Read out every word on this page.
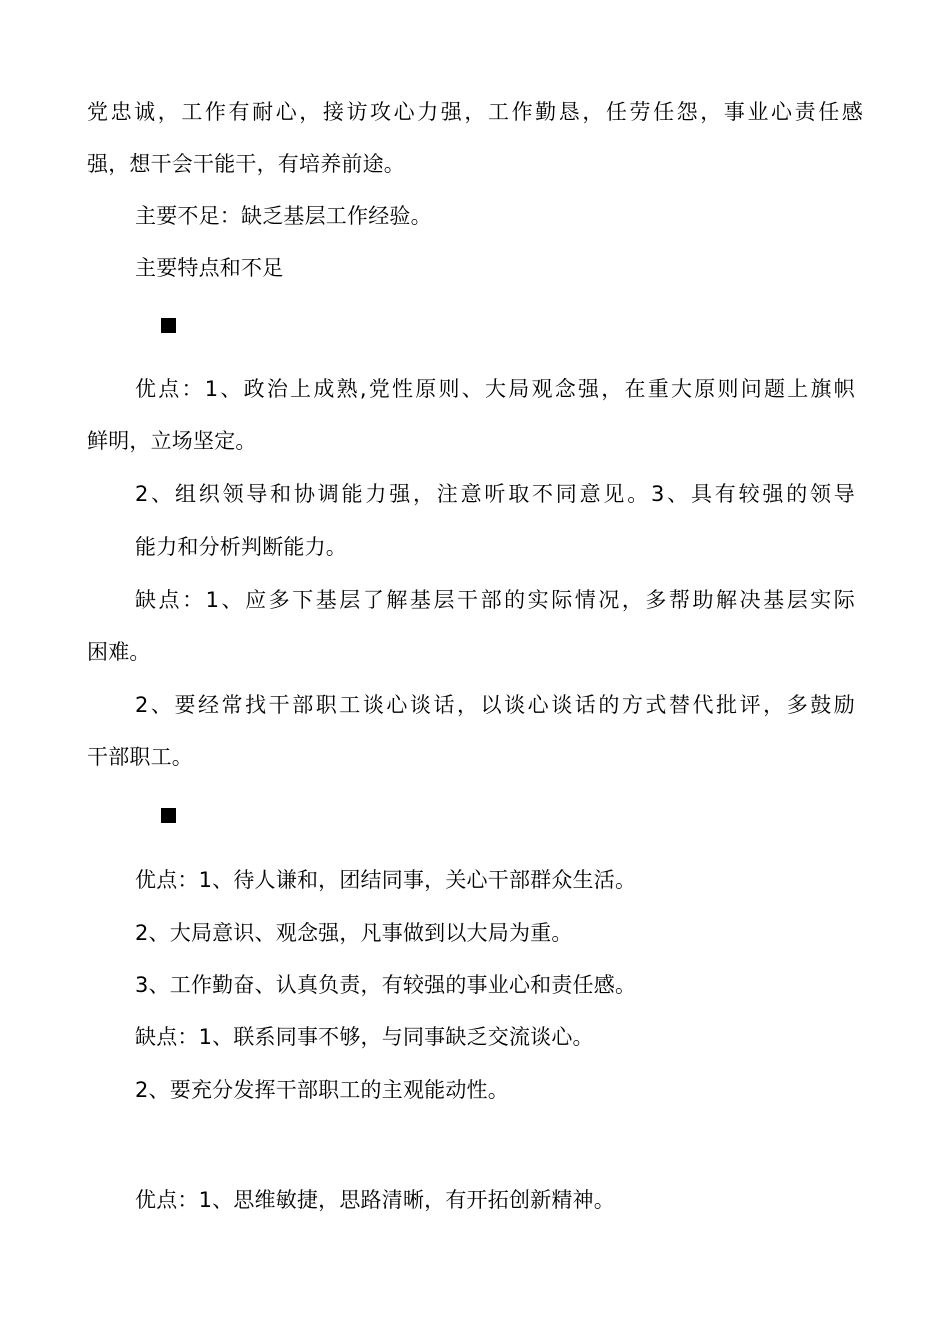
党忠诚，工作有耐心，接访攻心力强，工作勤恳，任劳任怨，事业心责任感
强，想干会干能干，有培养前途。
主要不足：缺乏基层工作经验。
主要特点和不足
优点：1、政治上成熟,党性原则、大局观念强，在重大原则问题上旗帜
鲜明，立场坚定。
2、组织领导和协调能力强，注意听取不同意见。3、具有较强的领导
能力和分析判断能力。
缺点：1、应多下基层了解基层干部的实际情况，多帮助解决基层实际
困难。
2、要经常找干部职工谈心谈话，以谈心谈话的方式替代批评，多鼓励
干部职工。
优点：1、待人谦和，团结同事，关心干部群众生活。
2、大局意识、观念强，凡事做到以大局为重。
3、工作勤奋、认真负责，有较强的事业心和责任感。
缺点：1、联系同事不够，与同事缺乏交流谈心。
2、要充分发挥干部职工的主观能动性。
优点：1、思维敏捷，思路清晰，有开拓创新精神。
